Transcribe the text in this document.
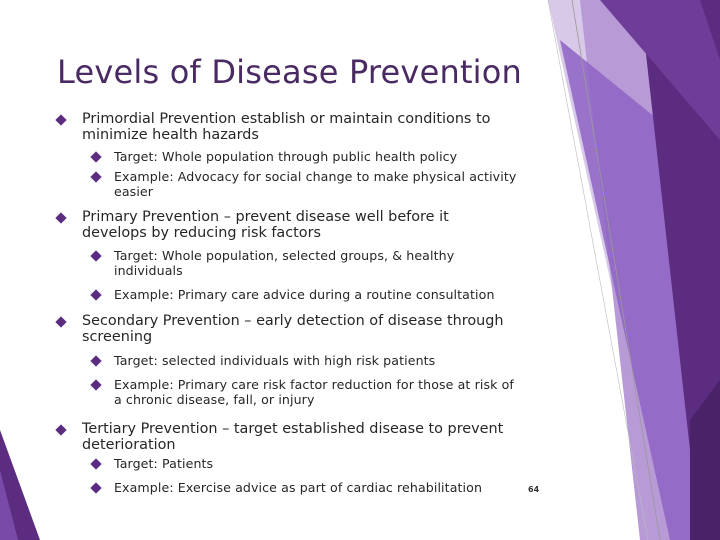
Levels of Disease Prevention
Primordial Prevention establish or maintain conditions to
minimize health hazards
Target: Whole population through public health policy
Example: Advocacy for social change to make physical activity
easier
Primary Prevention – prevent disease well before it
develops by reducing risk factors
Target: Whole population, selected groups, & healthy
individuals
Example: Primary care advice during a routine consultation
Secondary Prevention – early detection of disease through
screening
Target: selected individuals with high risk patients
Example: Primary care risk factor reduction for those at risk of
a chronic disease, fall, or injury
Tertiary Prevention – target established disease to prevent
deterioration
Target: Patients
Example: Exercise advice as part of cardiac rehabilitation	64
